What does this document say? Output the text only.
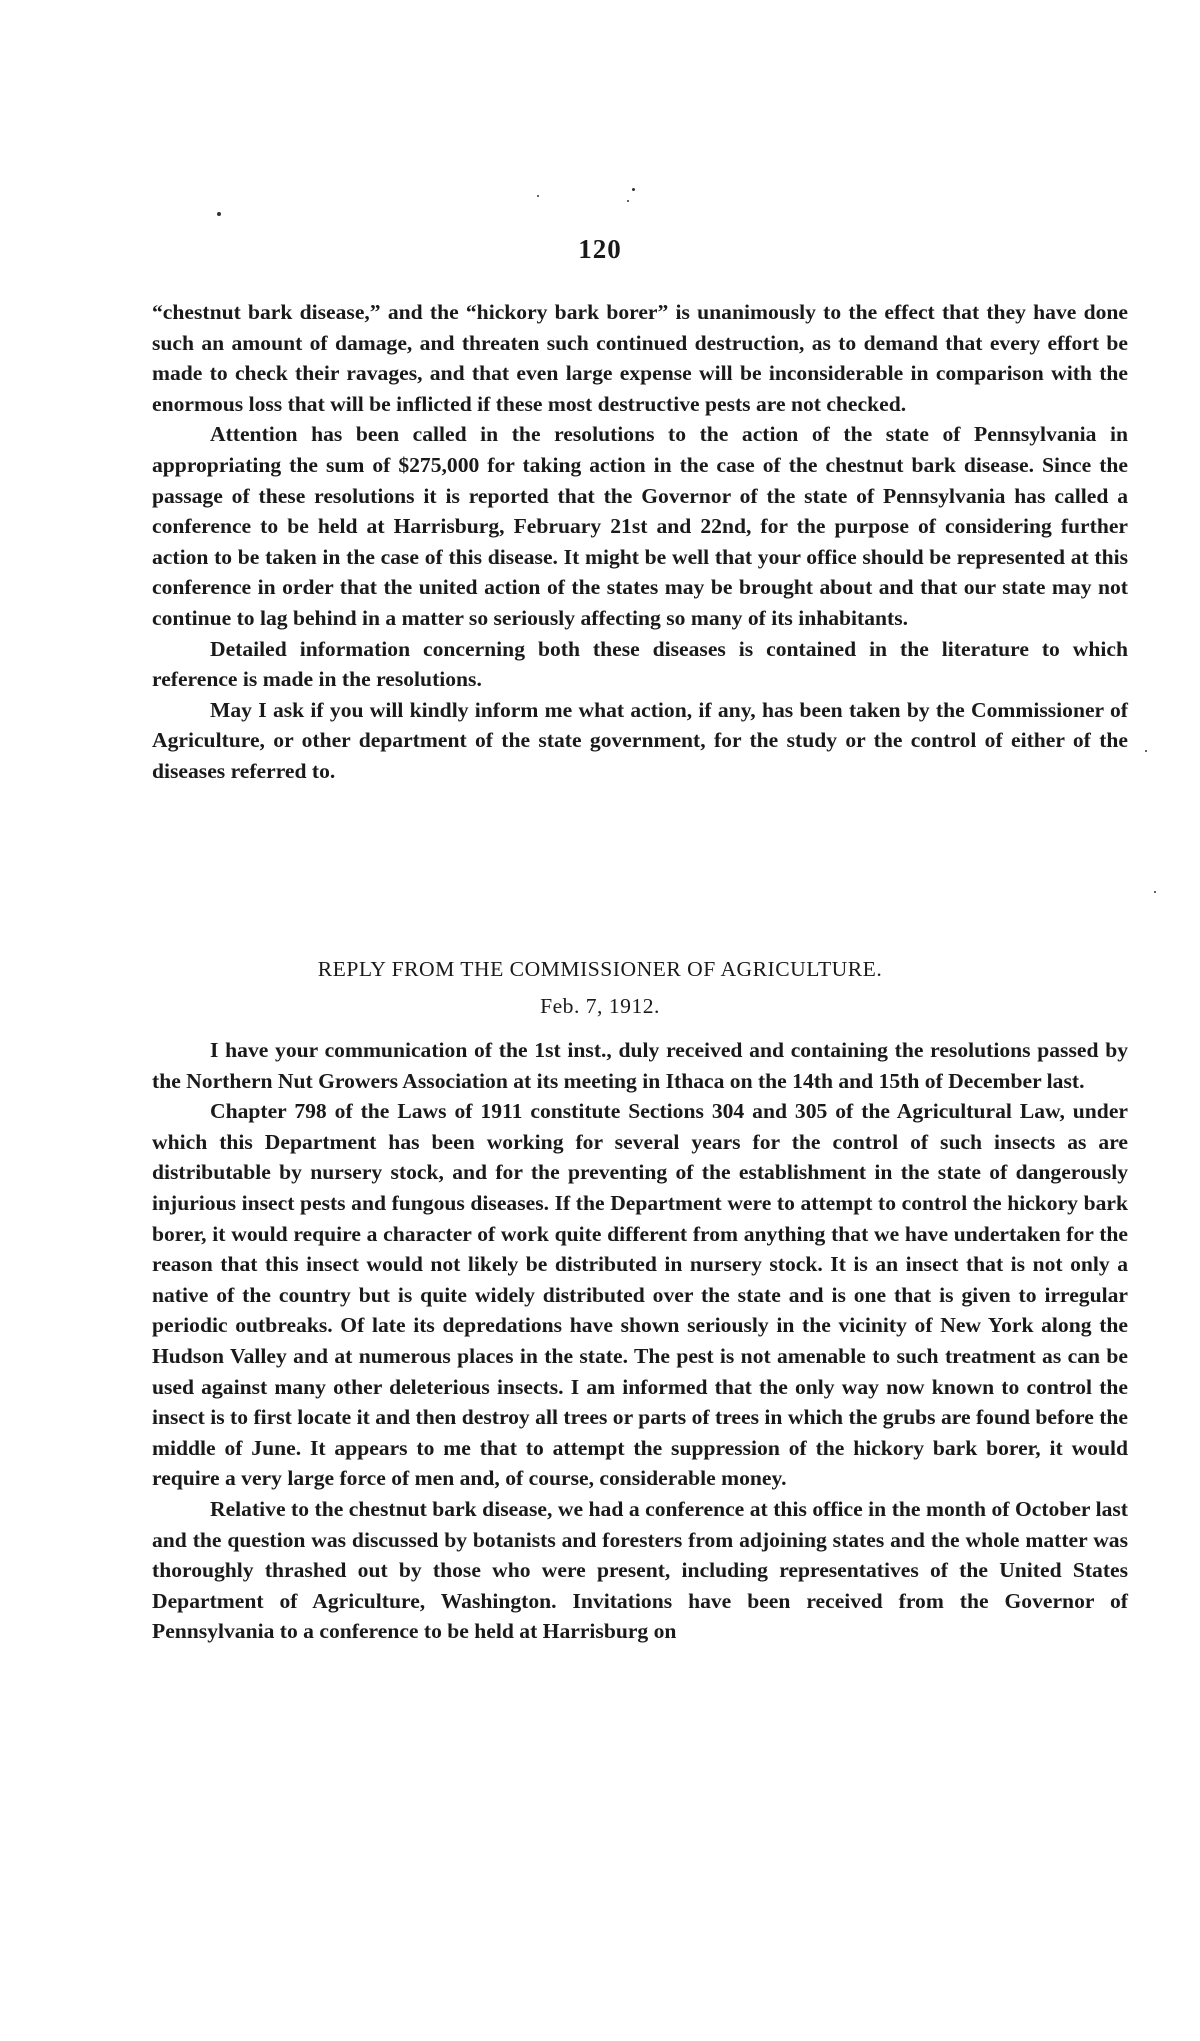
120

“chestnut bark disease,” and the “hickory bark borer” is unanimously to the effect that they have done such an amount of damage, and threaten such continued destruction, as to demand that every effort be made to check their ravages, and that even large expense will be inconsiderable in comparison with the enormous loss that will be inflicted if these most destructive pests are not checked.

Attention has been called in the resolutions to the action of the state of Pennsylvania in appropriating the sum of $275,000 for taking action in the case of the chestnut bark disease. Since the passage of these resolutions it is reported that the Governor of the state of Pennsylvania has called a conference to be held at Harrisburg, February 21st and 22nd, for the purpose of considering further action to be taken in the case of this disease. It might be well that your office should be represented at this conference in order that the united action of the states may be brought about and that our state may not continue to lag behind in a matter so seriously affecting so many of its inhabitants.

Detailed information concerning both these diseases is contained in the literature to which reference is made in the resolutions.

May I ask if you will kindly inform me what action, if any, has been taken by the Commissioner of Agriculture, or other department of the state government, for the study or the control of either of the diseases referred to.

REPLY FROM THE COMMISSIONER OF AGRICULTURE.
Feb. 7, 1912.

I have your communication of the 1st inst., duly received and containing the resolutions passed by the Northern Nut Growers Association at its meeting in Ithaca on the 14th and 15th of December last.

Chapter 798 of the Laws of 1911 constitute Sections 304 and 305 of the Agricultural Law, under which this Department has been working for several years for the control of such insects as are distributable by nursery stock, and for the preventing of the establishment in the state of dangerously injurious insect pests and fungous diseases. If the Department were to attempt to control the hickory bark borer, it would require a character of work quite different from anything that we have undertaken for the reason that this insect would not likely be distributed in nursery stock. It is an insect that is not only a native of the country but is quite widely distributed over the state and is one that is given to irregular periodic outbreaks. Of late its depredations have shown seriously in the vicinity of New York along the Hudson Valley and at numerous places in the state. The pest is not amenable to such treatment as can be used against many other deleterious insects. I am informed that the only way now known to control the insect is to first locate it and then destroy all trees or parts of trees in which the grubs are found before the middle of June. It appears to me that to attempt the suppression of the hickory bark borer, it would require a very large force of men and, of course, considerable money.

Relative to the chestnut bark disease, we had a conference at this office in the month of October last and the question was discussed by botanists and foresters from adjoining states and the whole matter was thoroughly thrashed out by those who were present, including representatives of the United States Department of Agriculture, Washington. Invitations have been received from the Governor of Pennsylvania to a conference to be held at Harrisburg on
